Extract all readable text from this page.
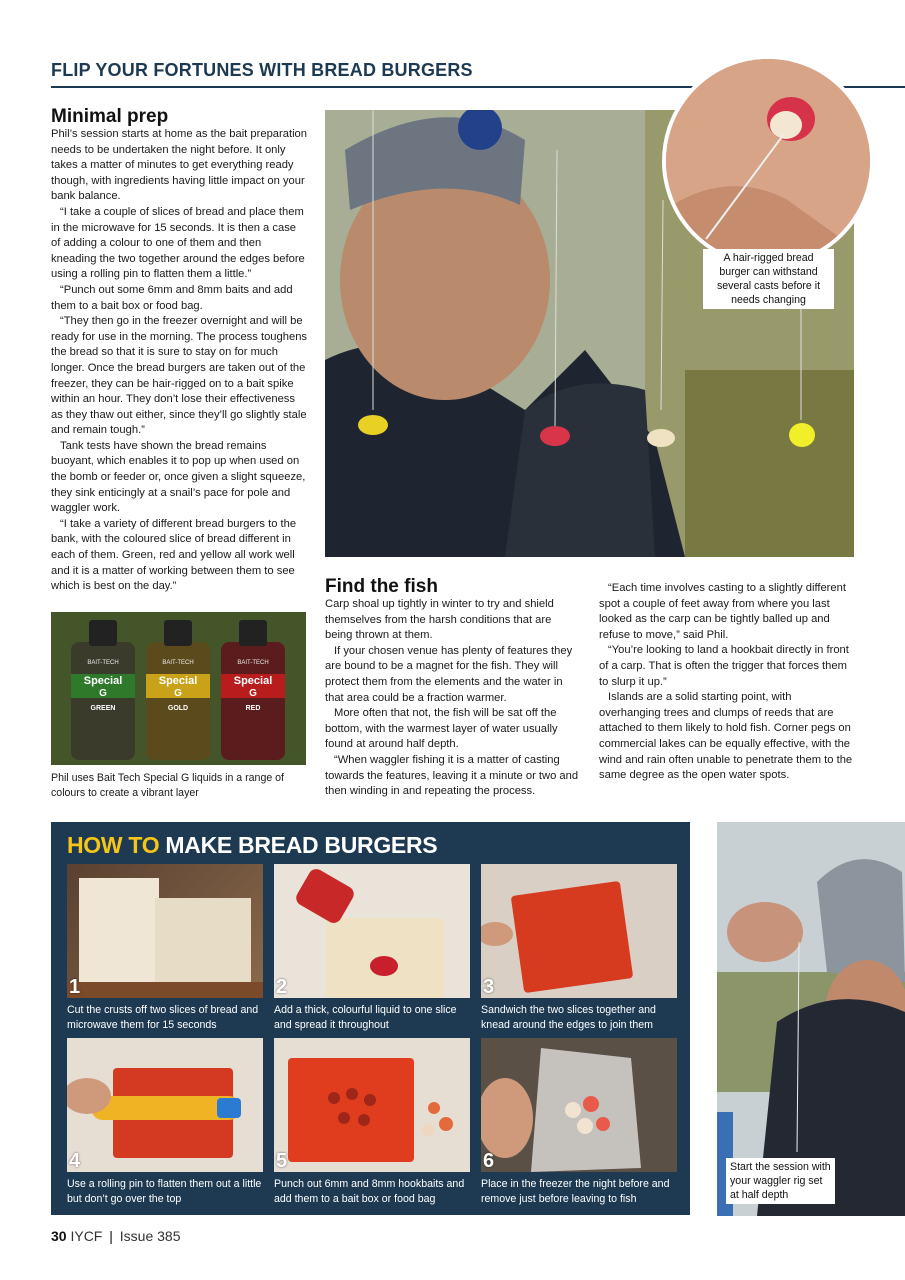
FLIP YOUR FORTUNES WITH BREAD BURGERS
Minimal prep

Phil’s session starts at home as the bait preparation needs to be undertaken the night before. It only takes a matter of minutes to get everything ready though, with ingredients having little impact on your bank balance.

“I take a couple of slices of bread and place them in the microwave for 15 seconds. It is then a case of adding a colour to one of them and then kneading the two together around the edges before using a rolling pin to flatten them a little.”

“Punch out some 6mm and 8mm baits and add them to a bait box or food bag.

“They then go in the freezer overnight and will be ready for use in the morning. The process toughens the bread so that it is sure to stay on for much longer. Once the bread burgers are taken out of the freezer, they can be hair-rigged on to a bait spike within an hour. They don’t lose their effectiveness as they thaw out either, since they’ll go slightly stale and remain tough.”

Tank tests have shown the bread remains buoyant, which enables it to pop up when used on the bomb or feeder or, once given a slight squeeze, they sink enticingly at a snail’s pace for pole and waggler work.

“I take a variety of different bread burgers to the bank, with the coloured slice of bread different in each of them. Green, red and yellow all work well and it is a matter of working between them to see which is best on the day.”

A hair-rigged bread burger can withstand several casts before it needs changing
BAIT-TECH
Special
G
GREEN
BAIT-TECH
Special
G
GOLD
BAIT-TECH
Special
G
RED
Phil uses Bait Tech Special G liquids in a range of colours to create a vibrant layer
Find the fish

Carp shoal up tightly in winter to try and shield themselves from the harsh conditions that are being thrown at them.

If your chosen venue has plenty of features they are bound to be a magnet for the fish. They will protect them from the elements and the water in that area could be a fraction warmer.

More often that not, the fish will be sat off the bottom, with the warmest layer of water usually found at around half depth.

“When waggler fishing it is a matter of casting towards the features, leaving it a minute or two and then winding in and repeating the process.

“Each time involves casting to a slightly different spot a couple of feet away from where you last looked as the carp can be tightly balled up and refuse to move,” said Phil.

“You’re looking to land a hookbait directly in front of a carp. That is often the trigger that forces them to slurp it up.”

Islands are a solid starting point, with overhanging trees and clumps of reeds that are attached to them likely to hold fish. Corner pegs on commercial lakes can be equally effective, with the wind and rain often unable to penetrate them to the same degree as the open water spots.

HOW TO MAKE BREAD BURGERS
1
Cut the crusts off two slices of bread and microwave them for 15 seconds
2
Add a thick, colourful liquid to one slice and spread it throughout
3
Sandwich the two slices together and knead around the edges to join them
4
Use a rolling pin to flatten them out a little but don’t go over the top
5
Punch out 6mm and 8mm hookbaits and add them to a bait box or food bag
6
Place in the freezer the night before and remove just before leaving to fish
Start the session with your waggler rig set at half depth
30 IYCF | Issue 385
